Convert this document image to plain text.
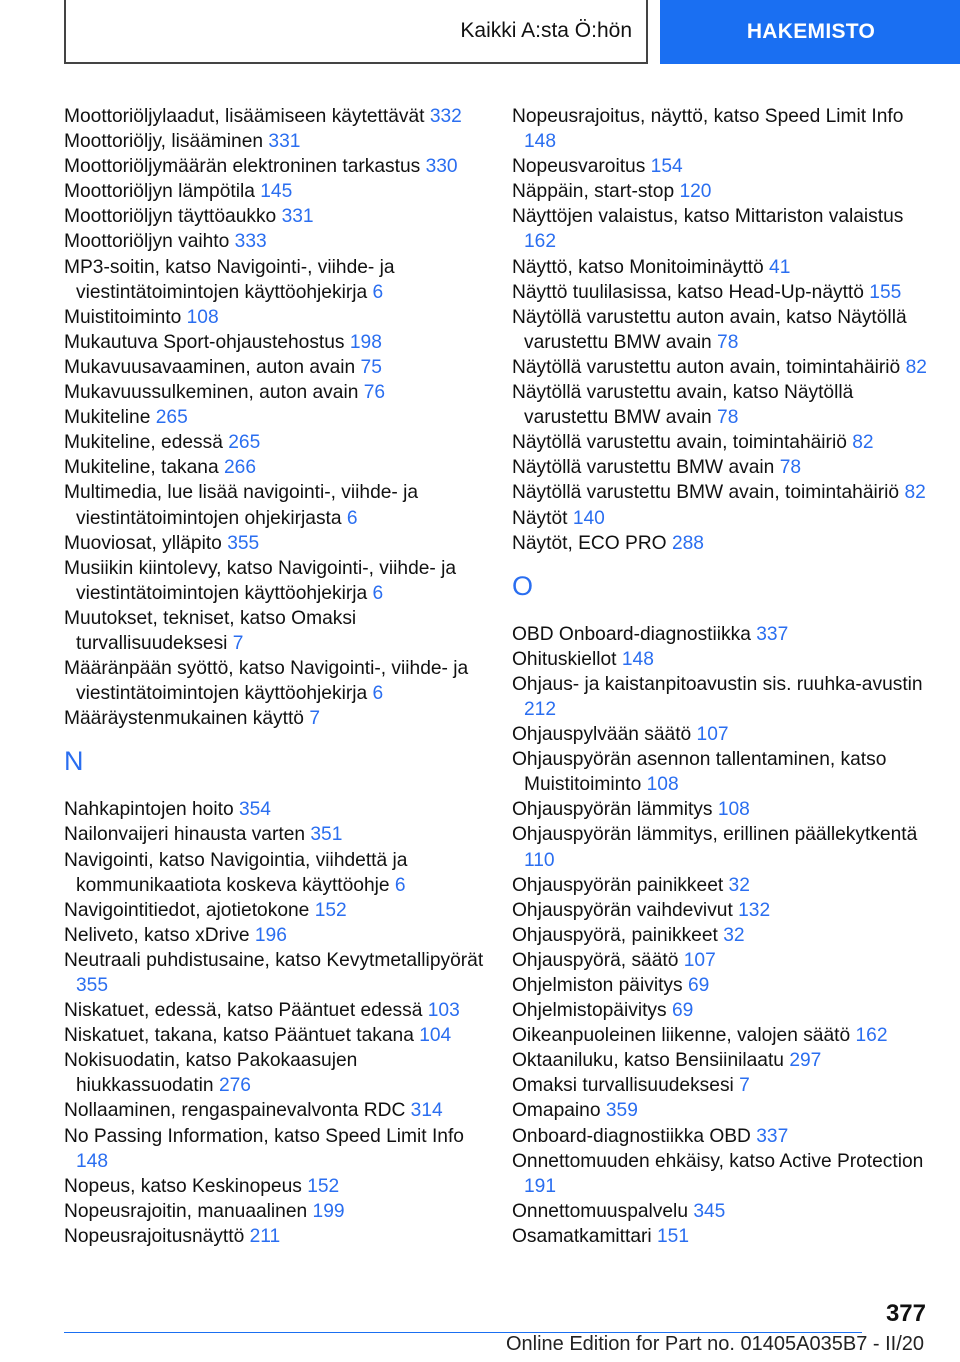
Kaikki A:sta Ö:hön	HAKEMISTO
Moottoriöljylaadut, lisäämiseen käytettävät 332
Moottoriöljy, lisääminen 331
Moottoriöljymäärän elektroninen tarkastus 330
Moottoriöljyn lämpötila 145
Moottoriöljyn täyttöaukko 331
Moottoriöljyn vaihto 333
MP3-soitin, katso Navigointi-, viihde- ja viestintätoimintojen käyttöohjekirja 6
Muistitoiminto 108
Mukautuva Sport-ohjaustehostus 198
Mukavuusavaaminen, auton avain 75
Mukavuussulkeminen, auton avain 76
Mukiteline 265
Mukiteline, edessä 265
Mukiteline, takana 266
Multimedia, lue lisää navigointi-, viihde- ja viestintätoimintojen ohjekirjasta 6
Muoviosat, ylläpito 355
Musiikin kiintolevy, katso Navigointi-, viihde- ja viestintätoimintojen käyttöohjekirja 6
Muutokset, tekniset, katso Omaksi turvallisuudeksesi 7
Määränpään syöttö, katso Navigointi-, viihde- ja viestintätoimintojen käyttöohjekirja 6
Määräystenmukainen käyttö 7
N
Nahkapintojen hoito 354
Nailonvaijeri hinausta varten 351
Navigointi, katso Navigointia, viihdettä ja kommunikaatiota koskeva käyttöohje 6
Navigointitiedot, ajotietokone 152
Neliveto, katso xDrive 196
Neutraali puhdistusaine, katso Kevytmetallipyörät 355
Niskatuet, edessä, katso Pääntuet edessä 103
Niskatuet, takana, katso Pääntuet takana 104
Nokisuodatin, katso Pakokaasujen hiukkassuodatin 276
Nollaaminen, rengaspainevalvonta RDC 314
No Passing Information, katso Speed Limit Info 148
Nopeus, katso Keskinopeus 152
Nopeusrajoitin, manuaalinen 199
Nopeusrajoitusnäyttö 211
Nopeusrajoitus, näyttö, katso Speed Limit Info 148
Nopeusvaroitus 154
Näppäin, start-stop 120
Näyttöjen valaistus, katso Mittariston valaistus 162
Näyttö, katso Monitoiminäyttö 41
Näyttö tuulilasissa, katso Head-Up-näyttö 155
Näytöllä varustettu auton avain, katso Näytöllä varustettu BMW avain 78
Näytöllä varustettu auton avain, toimintahäiriö 82
Näytöllä varustettu avain, katso Näytöllä varustettu BMW avain 78
Näytöllä varustettu avain, toimintahäiriö 82
Näytöllä varustettu BMW avain 78
Näytöllä varustettu BMW avain, toimintahäiriö 82
Näytöt 140
Näytöt, ECO PRO 288
O
OBD Onboard-diagnostiikka 337
Ohituskiellot 148
Ohjaus- ja kaistanpitoavustin sis. ruuhka-avustin 212
Ohjauspylvään säätö 107
Ohjauspyörän asennon tallentaminen, katso Muistitoiminto 108
Ohjauspyörän lämmitys 108
Ohjauspyörän lämmitys, erillinen päällekytkentä 110
Ohjauspyörän painikkeet 32
Ohjauspyörän vaihdevivut 132
Ohjauspyörä, painikkeet 32
Ohjauspyörä, säätö 107
Ohjelmiston päivitys 69
Ohjelmistopäivitys 69
Oikeanpuoleinen liikenne, valojen säätö 162
Oktaaniluku, katso Bensiinilaatu 297
Omaksi turvallisuudeksesi 7
Omapaino 359
Onboard-diagnostiikka OBD 337
Onnettomuuden ehkäisy, katso Active Protection 191
Onnettomuuspalvelu 345
Osamatkamittari 151
377
Online Edition for Part no. 01405A035B7 - II/20
